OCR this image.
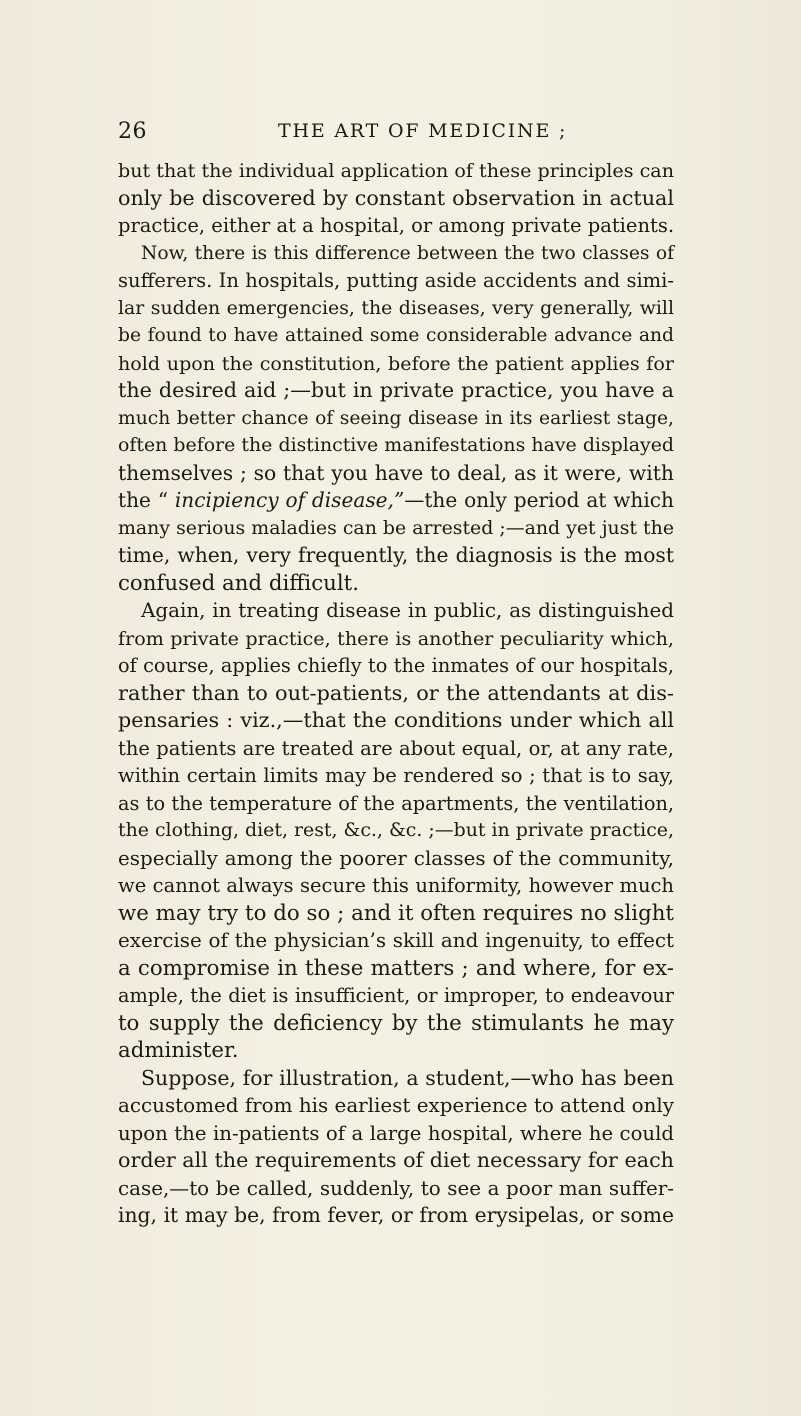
26	THE ART OF MEDICINE ;
but that the individual application of these principles can
only be discovered by constant observation in actual
practice, either at a hospital, or among private patients.
Now, there is this difference between the two classes of
sufferers. In hospitals, putting aside accidents and simi-
lar sudden emergencies, the diseases, very generally, will
be found to have attained some considerable advance and
hold upon the constitution, before the patient applies for
the desired aid ;—but in private practice, you have a
much better chance of seeing disease in its earliest stage,
often before the distinctive manifestations have displayed
themselves ; so that you have to deal, as it were, with
the “ incipiency of disease,”—the only period at which
many serious maladies can be arrested ;—and yet just the
time, when, very frequently, the diagnosis is the most
confused and difficult.
Again, in treating disease in public, as distinguished
from private practice, there is another peculiarity which,
of course, applies chiefly to the inmates of our hospitals,
rather than to out-patients, or the attendants at dis-
pensaries : viz.,—that the conditions under which all
the patients are treated are about equal, or, at any rate,
within certain limits may be rendered so ; that is to say,
as to the temperature of the apartments, the ventilation,
the clothing, diet, rest, &c., &c. ;—but in private practice,
especially among the poorer classes of the community,
we cannot always secure this uniformity, however much
we may try to do so ; and it often requires no slight
exercise of the physician’s skill and ingenuity, to effect
a compromise in these matters ; and where, for ex-
ample, the diet is insufficient, or improper, to endeavour
to supply the deficiency by the stimulants he may
administer.
Suppose, for illustration, a student,—who has been
accustomed from his earliest experience to attend only
upon the in-patients of a large hospital, where he could
order all the requirements of diet necessary for each
case,—to be called, suddenly, to see a poor man suffer-
ing, it may be, from fever, or from erysipelas, or some
